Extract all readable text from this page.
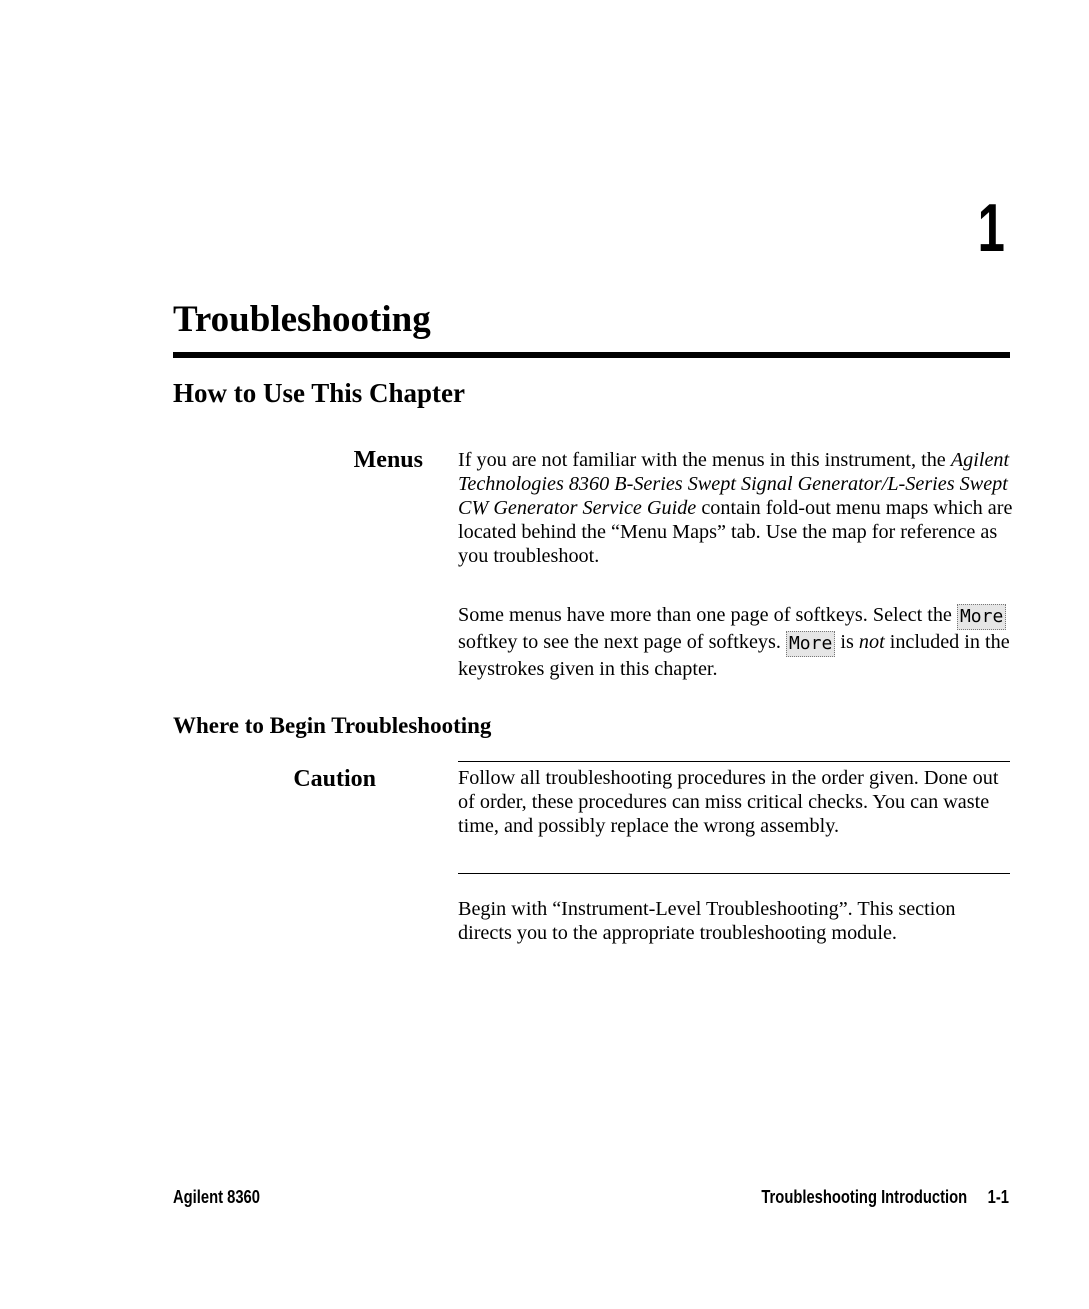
1
Troubleshooting
How to Use This Chapter
Menus If you are not familiar with the menus in this instrument, the Agilent Technologies 8360 B-Series Swept Signal Generator/L-Series Swept CW Generator Service Guide contain fold-out menu maps which are located behind the “Menu Maps” tab. Use the map for reference as you troubleshoot.

Some menus have more than one page of softkeys. Select the More softkey to see the next page of softkeys. More is not included in the keystrokes given in this chapter.

Where to Begin Troubleshooting
Caution	Follow all troubleshooting procedures in the order given. Done out of order, these procedures can miss critical checks. You can waste time, and possibly replace the wrong assembly.

Begin with “Instrument-Level Troubleshooting”. This section directs you to the appropriate troubleshooting module.

Agilent 8360	Troubleshooting Introduction 1-1
